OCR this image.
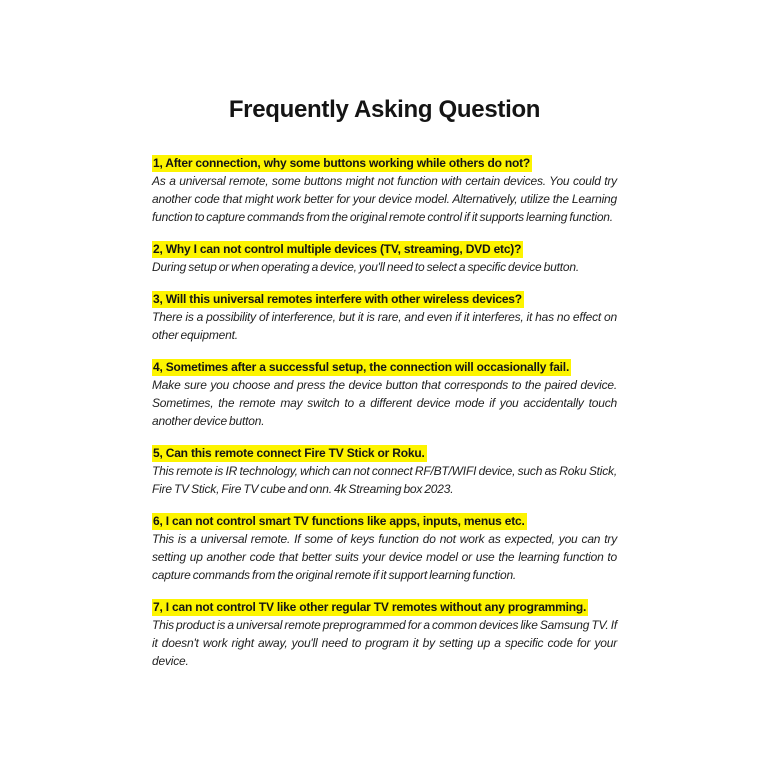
Frequently Asking Question
1, After connection, why some buttons working while others do not?

As a universal remote, some buttons might not function with certain devices. You could try another code that might work better for your device model. Alternatively, utilize the Learning function to capture commands from the original remote control if it supports learning function.

2, Why I can not control multiple devices (TV, streaming, DVD etc)?

During setup or when operating a device, you'll need to select a specific device button.

3, Will this universal remotes interfere with other wireless devices?

There is a possibility of interference, but it is rare, and even if it interferes, it has no effect on other equipment.

4, Sometimes after a successful setup, the connection will occasionally fail.

Make sure you choose and press the device button that corresponds to the paired device. Sometimes, the remote may switch to a different device mode if you accidentally touch another device button.

5, Can this remote connect Fire TV Stick or Roku.

This remote is IR technology, which can not connect RF/BT/WIFI device, such as Roku Stick, Fire TV Stick, Fire TV cube and onn. 4k Streaming box 2023.

6, I can not control smart TV functions like apps, inputs, menus etc.

This is a universal remote. If some of keys function do not work as expected, you can try setting up another code that better suits your device model or use the learning function to capture commands from the original remote if it support learning function.

7, I can not control TV like other regular TV remotes without any programming.

This product is a universal remote preprogrammed for a common devices like Samsung TV. If it doesn't work right away, you'll need to program it by setting up a specific code for your device.
